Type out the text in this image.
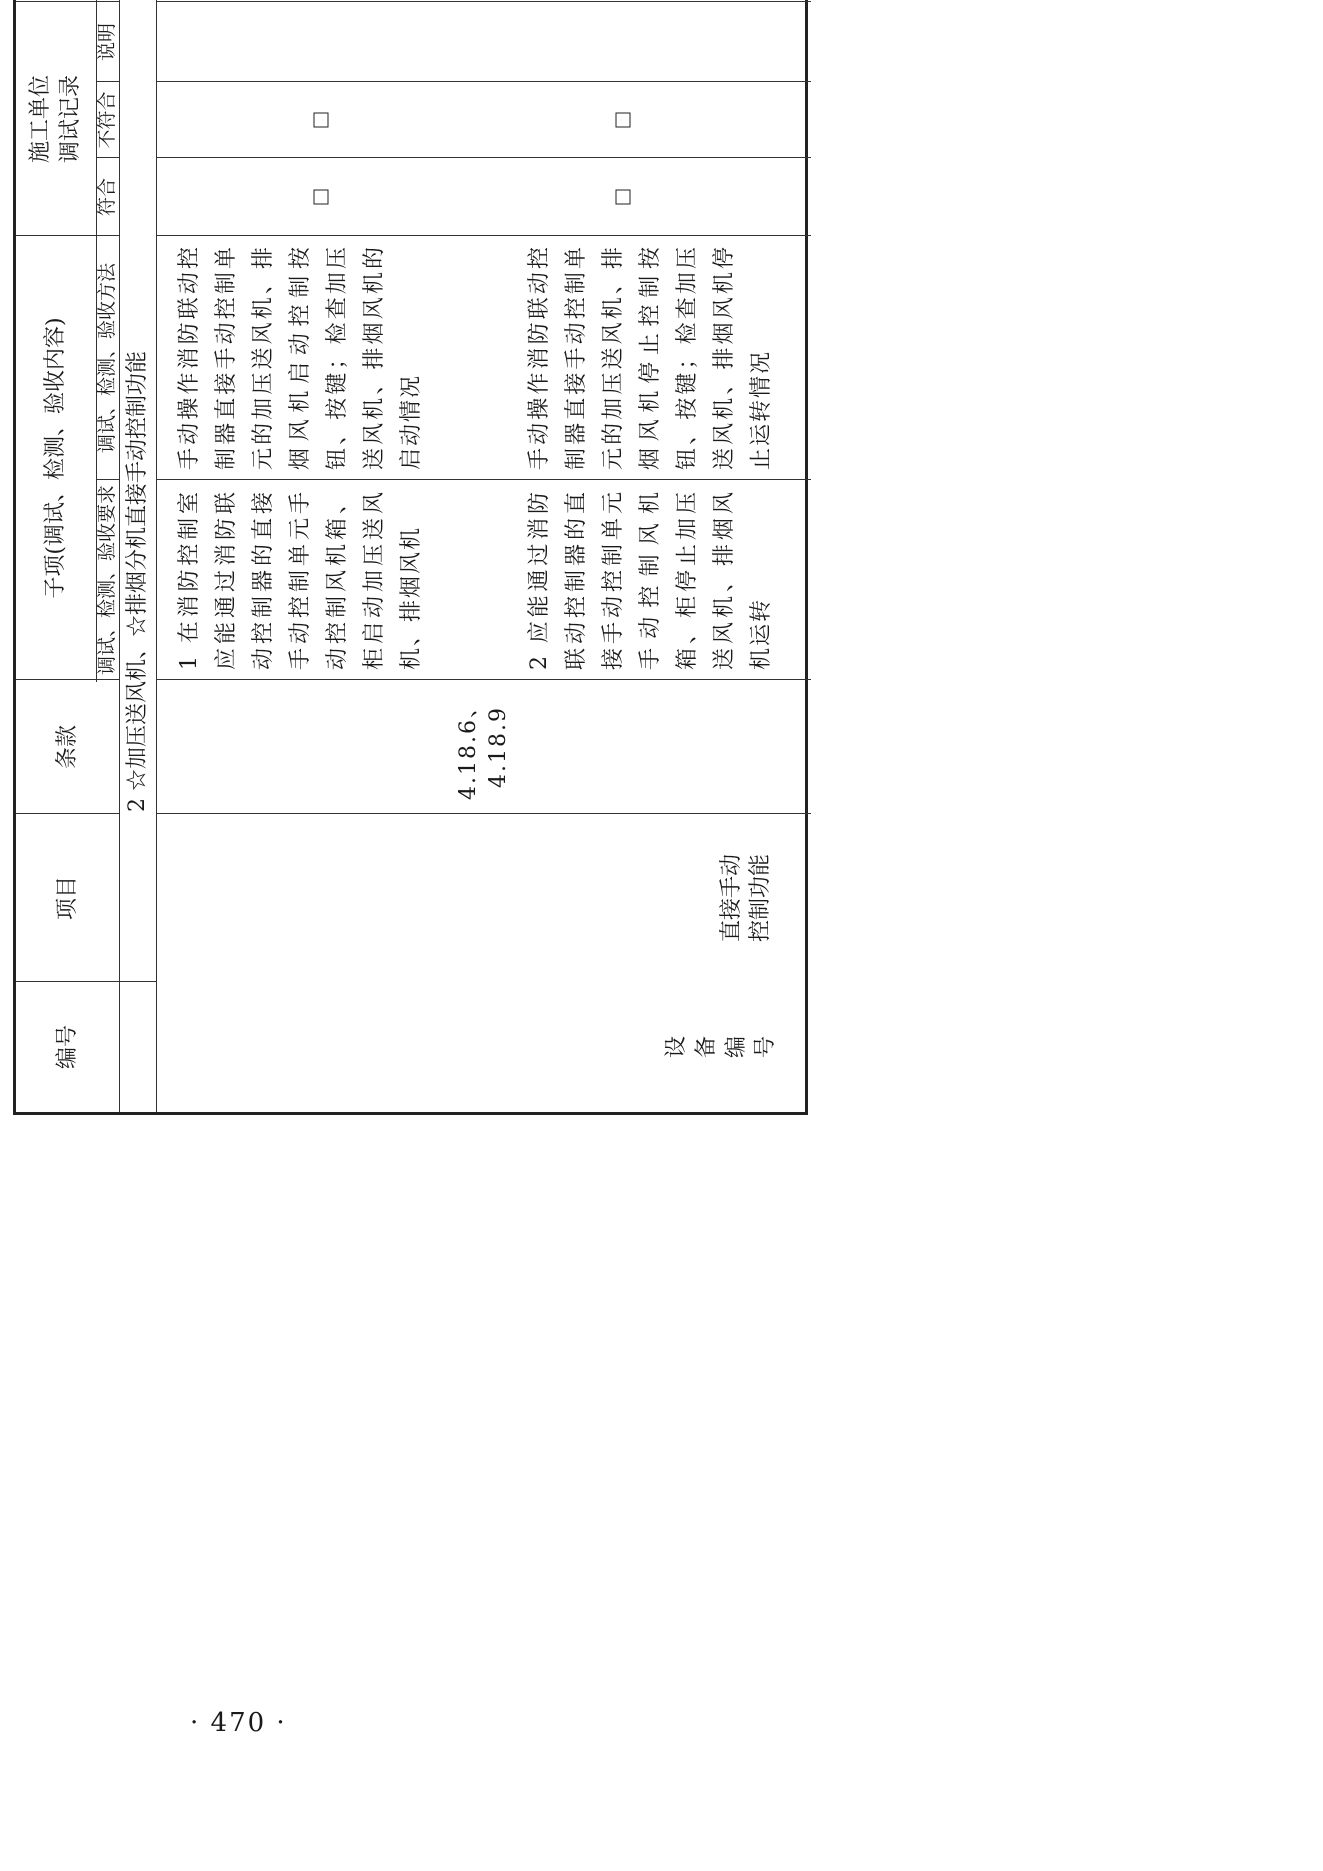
· 470 ·
编号
项目
条款
子项(调试、检测、验收内容)	调试、检测、验收要求
调试、检测、验收方法
施工单位
调试记录
符合
不符合
说明
2 ☆加压送风机、☆排烟分机直接手动控制功能
设
备
编
号
直接手动
控制功能
4.18.6、
4.18.9
1 在消防控制室应能通过消防联动控制器的直接手动控制单元手动控制风机箱、柜启动加压送风机、排烟风机
手动操作消防联动控制器直接手动控制单元的加压送风机、排烟风机启动控制按钮、按键；检查加压送风机、排烟风机的启动情况
2 应能通过消防联动控制器的直接手动控制单元手动控制风机箱、柜停止加压送风机、排烟风机运转
手动操作消防联动控制器直接手动控制单元的加压送风机、排烟风机停止控制按钮、按键；检查加压送风机、排烟风机停止运转情况
